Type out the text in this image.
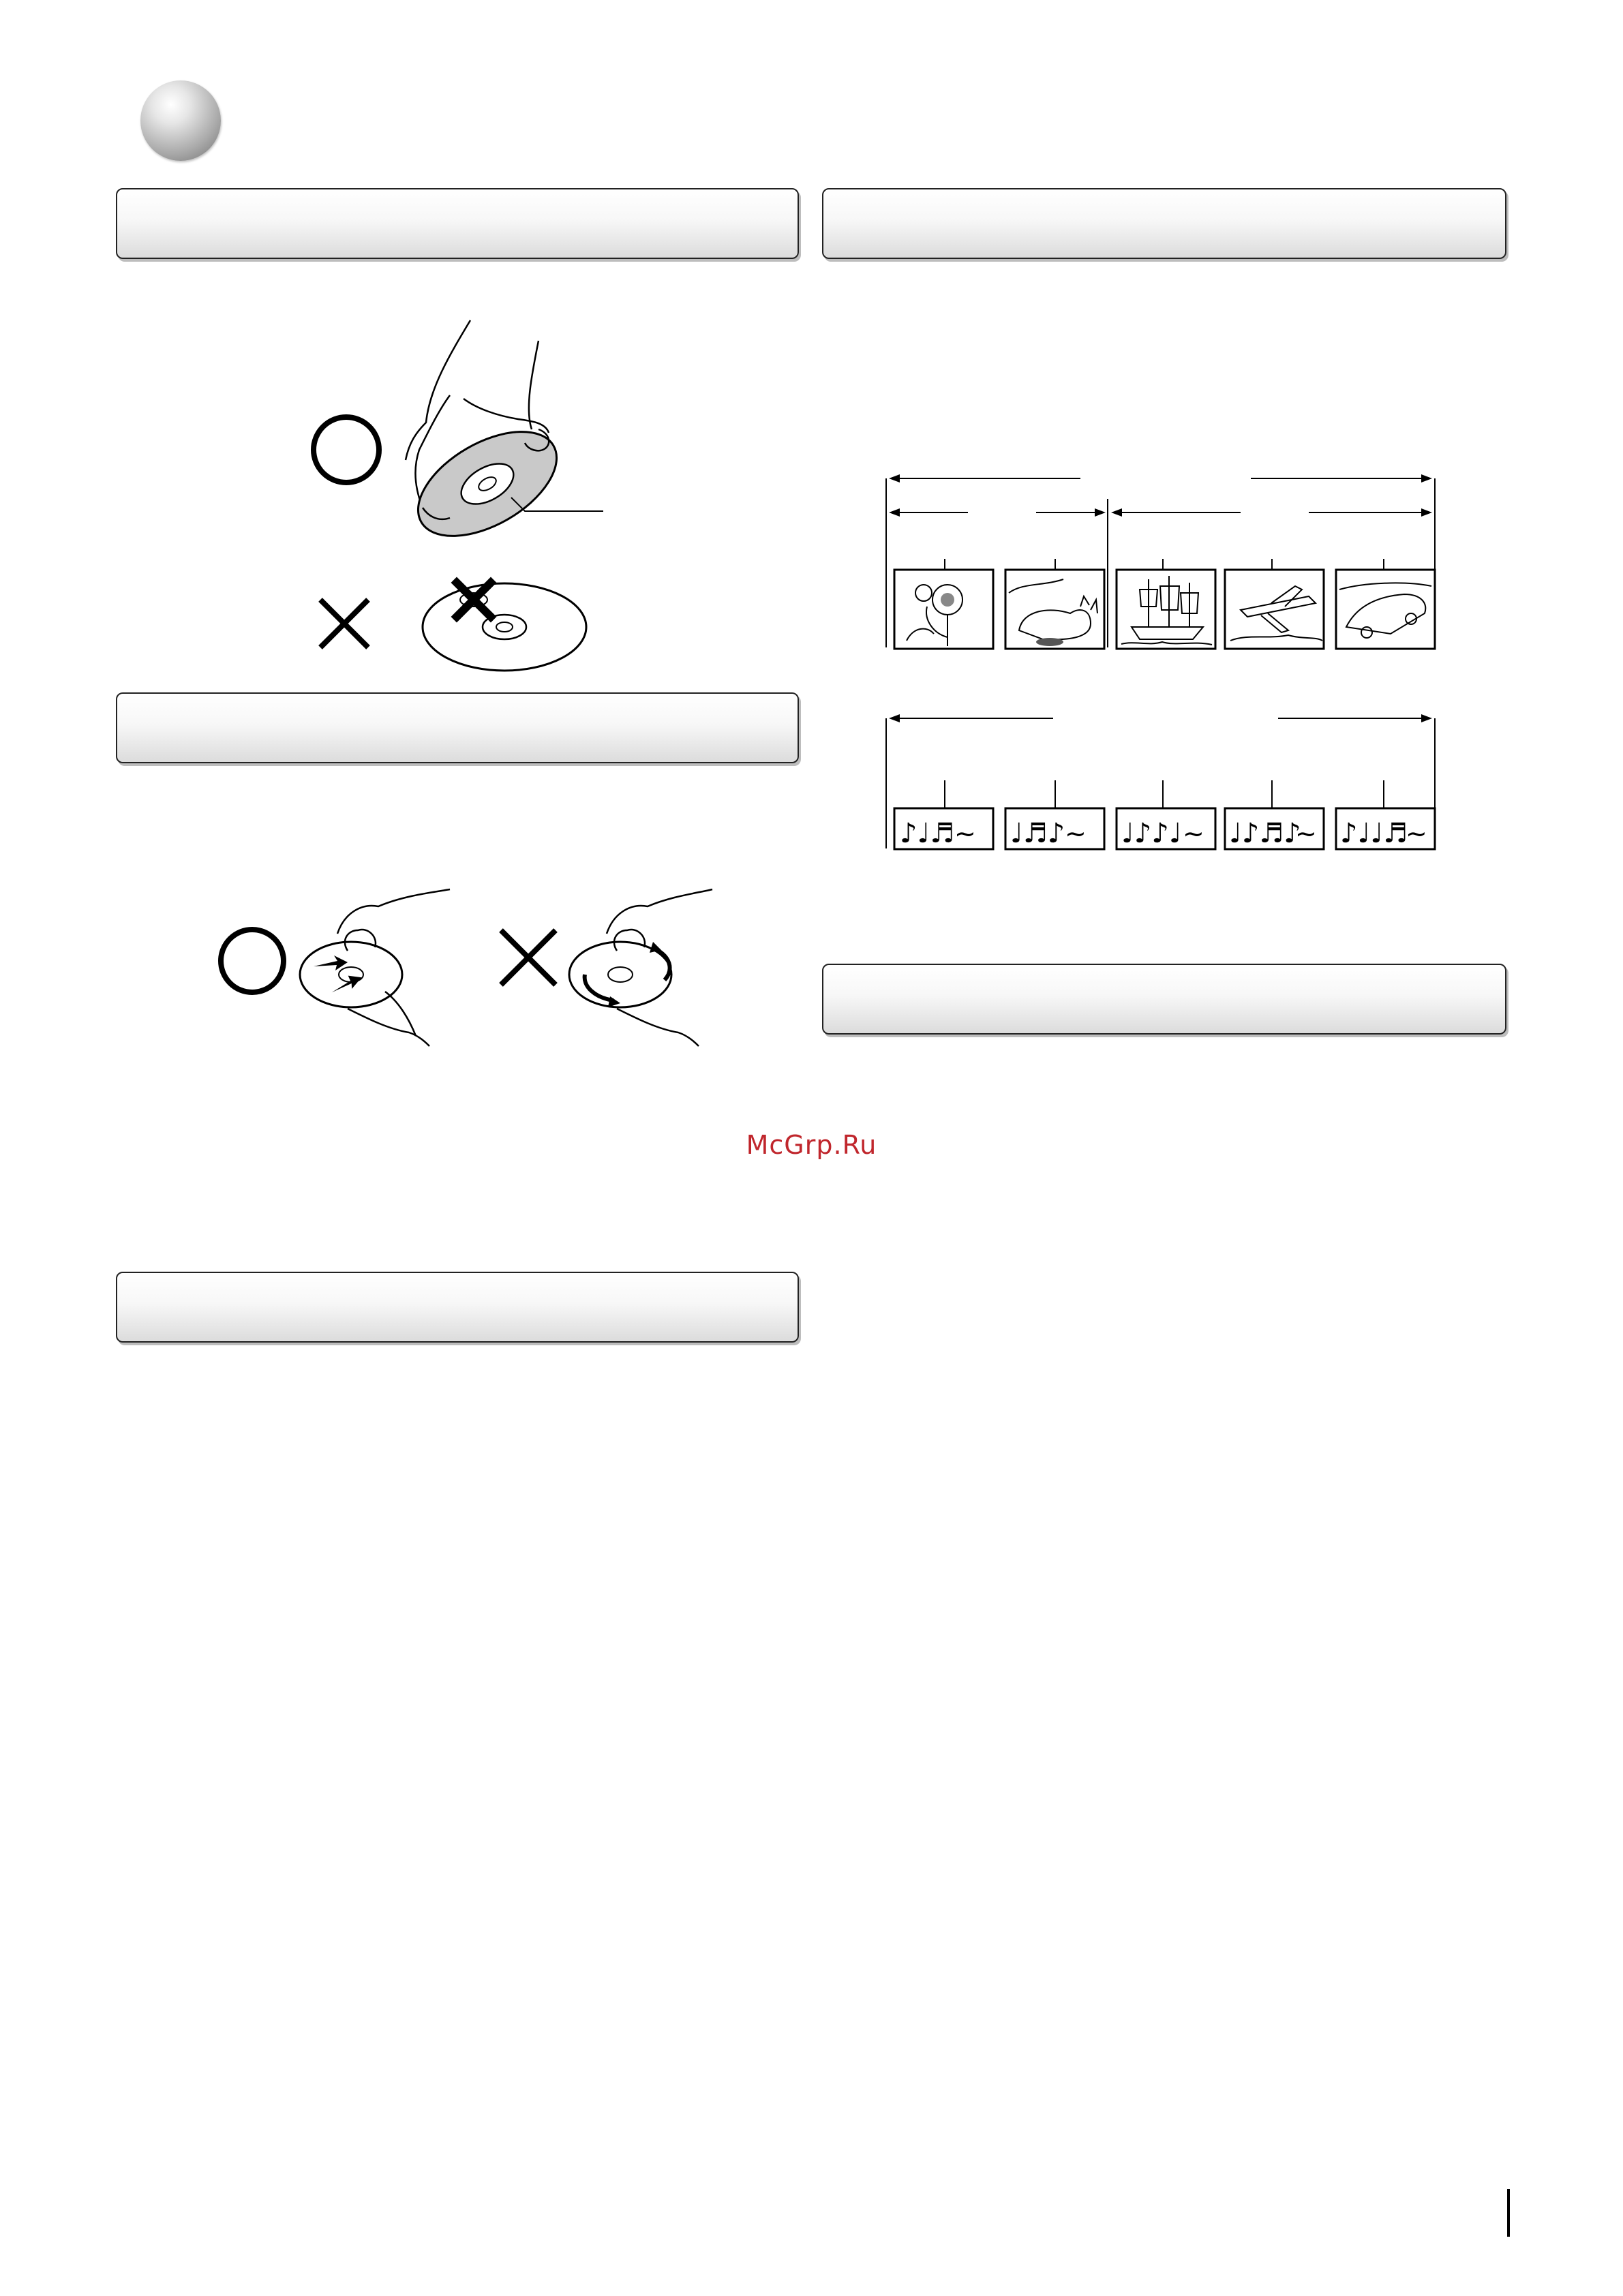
♪♩♬ ~ ♩♬♪ ~ ♩♪♪♩ ~ ♩♪♬♪
~ ♪♩♩♬
~
McGrp.Ru
